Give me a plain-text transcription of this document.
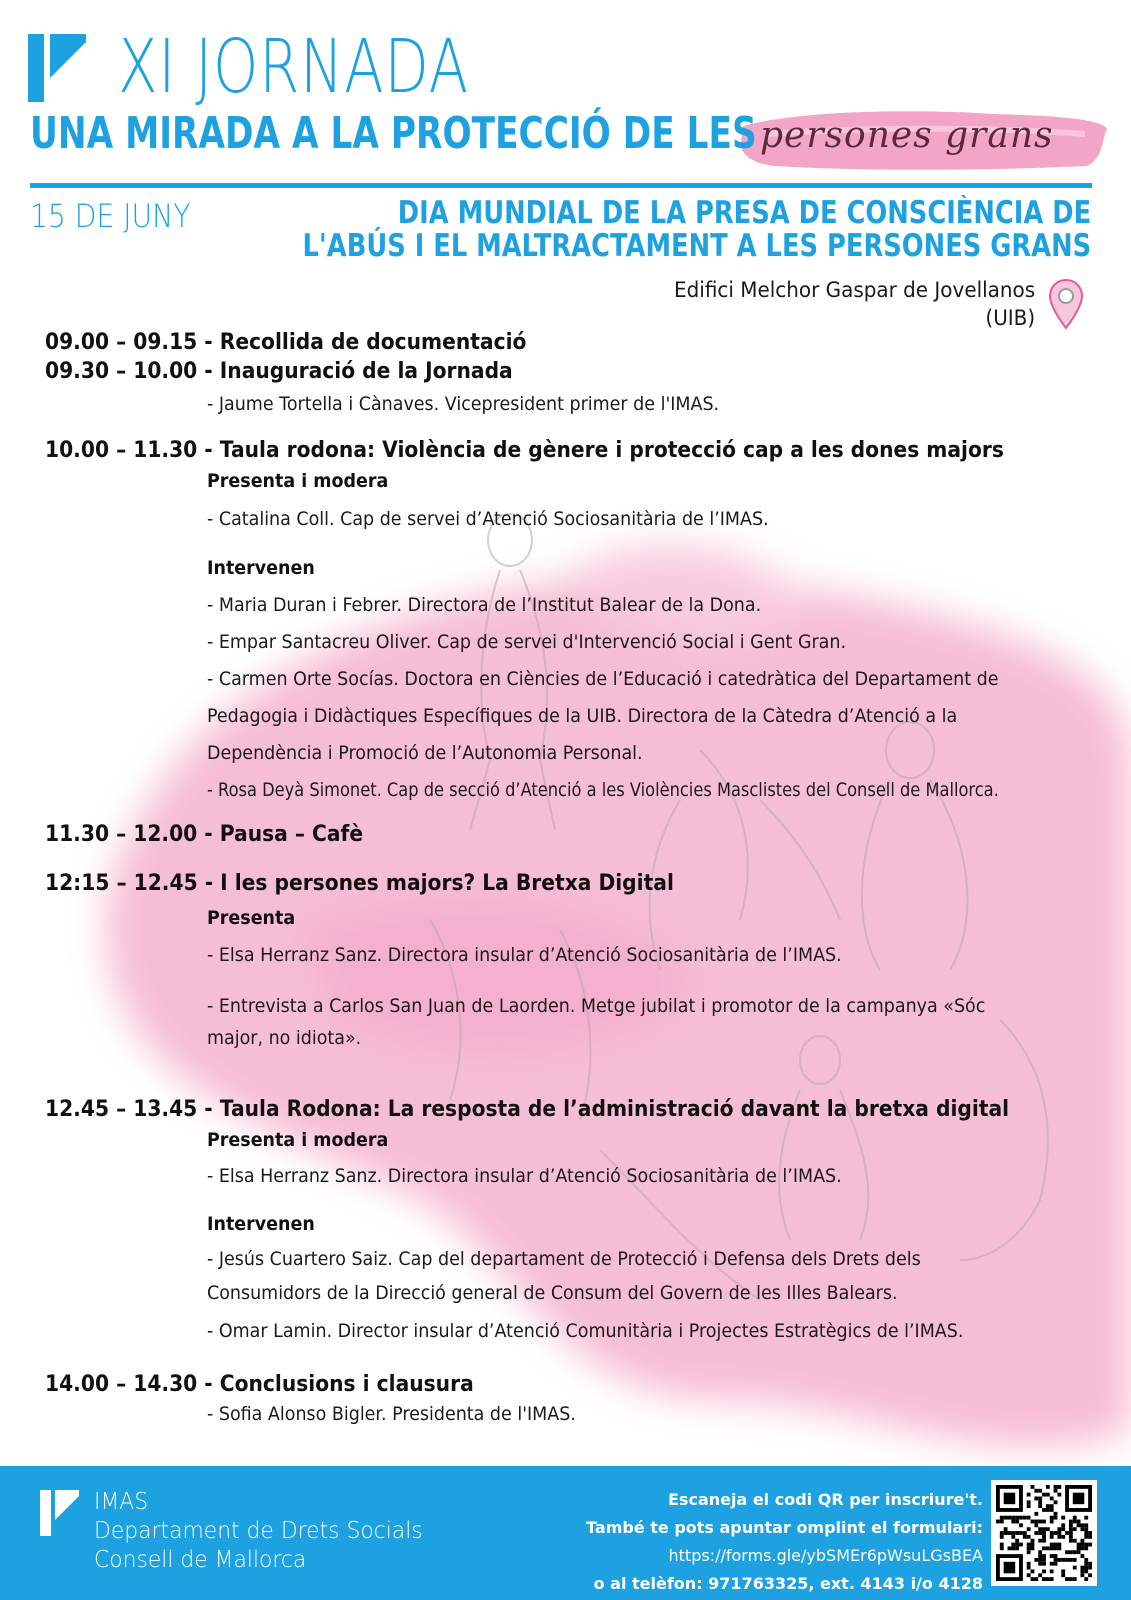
XI JORNADA
UNA MIRADA A LA PROTECCIÓ DE LES persones grans
15 DE JUNY	DIA MUNDIAL DE LA PRESA DE CONSCIÈNCIA DE
L'ABÚS I EL MALTRACTAMENT A LES PERSONES GRANS
Edifici Melchor Gaspar de Jovellanos
(UIB)
09.00 – 09.15 - Recollida de documentació
09.30 – 10.00 - Inauguració de la Jornada
- Jaume Tortella i Cànaves. Vicepresident primer de l'IMAS.
10.00 – 11.30 - Taula rodona: Violència de gènere i protecció cap a les dones majors
Presenta i modera
- Catalina Coll. Cap de servei d’Atenció Sociosanitària de l’IMAS.
Intervenen
- Maria Duran i Febrer. Directora de l’Institut Balear de la Dona.
- Empar Santacreu Oliver. Cap de servei d'Intervenció Social i Gent Gran.
- Carmen Orte Socías. Doctora en Ciències de l’Educació i catedràtica del Departament de
Pedagogia i Didàctiques Específiques de la UIB. Directora de la Càtedra d’Atenció a la
Dependència i Promoció de l’Autonomia Personal.
- Rosa Deyà Simonet. Cap de secció d’Atenció a les Violències Masclistes del Consell de Mallorca.
11.30 – 12.00 - Pausa – Cafè
12:15 – 12.45 - I les persones majors? La Bretxa Digital
Presenta
- Elsa Herranz Sanz. Directora insular d’Atenció Sociosanitària de l’IMAS.
- Entrevista a Carlos San Juan de Laorden. Metge jubilat i promotor de la campanya «Sóc
major, no idiota».
12.45 – 13.45 - Taula Rodona: La resposta de l’administració davant la bretxa digital
Presenta i modera
- Elsa Herranz Sanz. Directora insular d’Atenció Sociosanitària de l’IMAS.
Intervenen
- Jesús Cuartero Saiz. Cap del departament de Protecció i Defensa dels Drets dels
Consumidors de la Direcció general de Consum del Govern de les Illes Balears.
- Omar Lamin. Director insular d’Atenció Comunitària i Projectes Estratègics de l’IMAS.
14.00 – 14.30 - Conclusions i clausura
- Sofia Alonso Bigler. Presidenta de l'IMAS.
IMAS
Departament de Drets Socials
Consell de Mallorca
Escaneja el codi QR per inscriure't.
També te pots apuntar omplint el formulari:
https://forms.gle/ybSMEr6pWsuLGsBEA
o al telèfon: 971763325, ext. 4143 i/o 4128
